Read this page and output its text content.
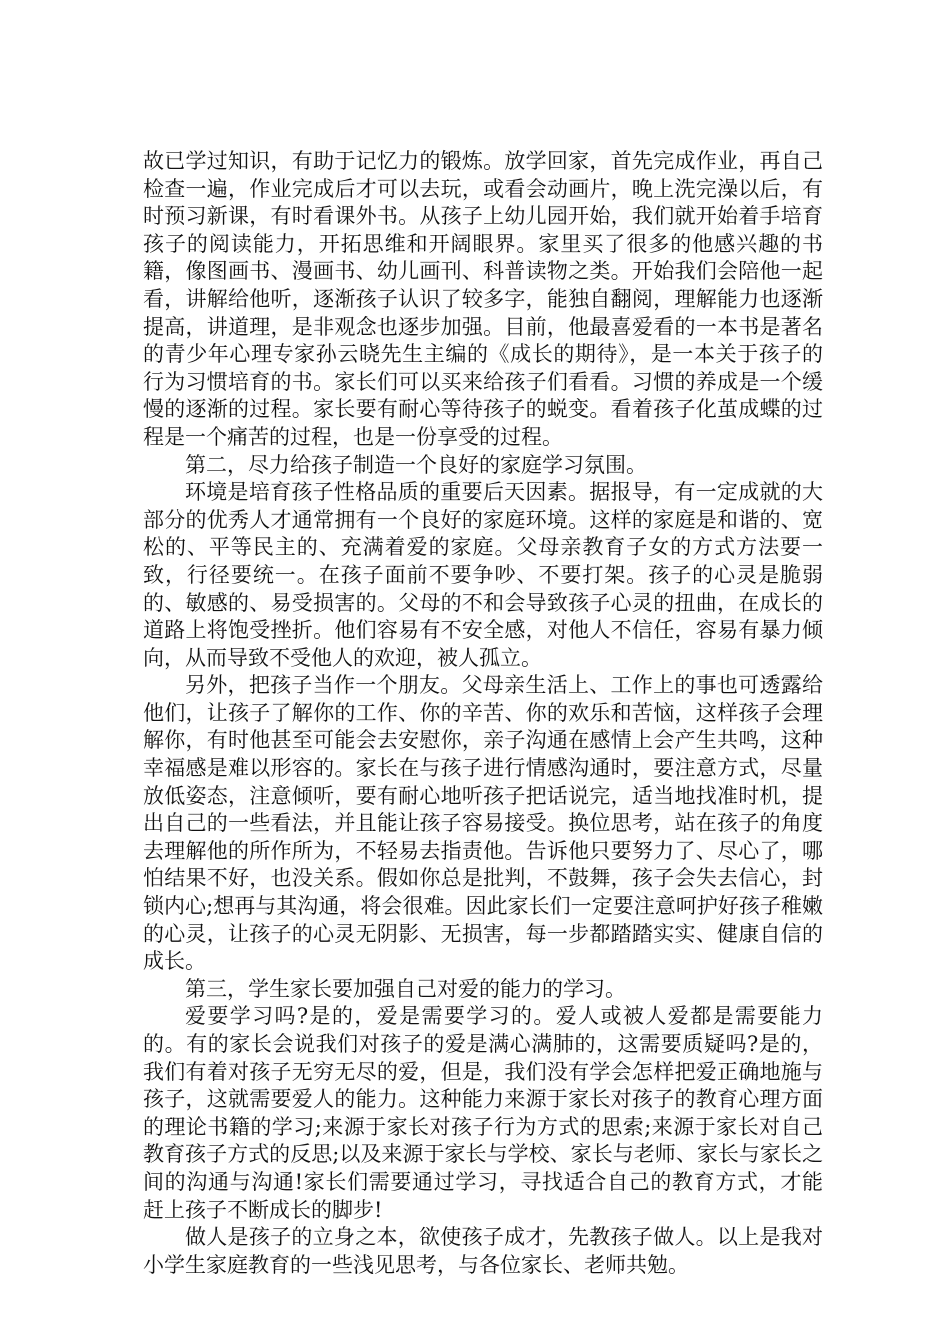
故已学过知识，有助于记忆力的锻炼。放学回家，首先完成作业，再自己检查一遍，作业完成后才可以去玩，或看会动画片，晚上洗完澡以后，有时预习新课，有时看课外书。从孩子上幼儿园开始，我们就开始着手培育孩子的阅读能力，开拓思维和开阔眼界。家里买了很多的他感兴趣的书籍，像图画书、漫画书、幼儿画刊、科普读物之类。开始我们会陪他一起看，讲解给他听，逐渐孩子认识了较多字，能独自翻阅，理解能力也逐渐提高，讲道理，是非观念也逐步加强。目前，他最喜爱看的一本书是著名的青少年心理专家孙云晓先生主编的《成长的期待》，是一本关于孩子的行为习惯培育的书。家长们可以买来给孩子们看看。习惯的养成是一个缓慢的逐渐的过程。家长要有耐心等待孩子的蜕变。看着孩子化茧成蝶的过程是一个痛苦的过程，也是一份享受的过程。

第二，尽力给孩子制造一个良好的家庭学习氛围。

环境是培育孩子性格品质的重要后天因素。据报导，有一定成就的大部分的优秀人才通常拥有一个良好的家庭环境。这样的家庭是和谐的、宽松的、平等民主的、充满着爱的家庭。父母亲教育子女的方式方法要一致，行径要统一。在孩子面前不要争吵、不要打架。孩子的心灵是脆弱的、敏感的、易受损害的。父母的不和会导致孩子心灵的扭曲，在成长的道路上将饱受挫折。他们容易有不安全感，对他人不信任，容易有暴力倾向，从而导致不受他人的欢迎，被人孤立。

另外，把孩子当作一个朋友。父母亲生活上、工作上的事也可透露给他们，让孩子了解你的工作、你的辛苦、你的欢乐和苦恼，这样孩子会理解你，有时他甚至可能会去安慰你，亲子沟通在感情上会产生共鸣，这种幸福感是难以形容的。家长在与孩子进行情感沟通时，要注意方式，尽量放低姿态，注意倾听，要有耐心地听孩子把话说完，适当地找准时机，提出自己的一些看法，并且能让孩子容易接受。换位思考，站在孩子的角度去理解他的所作所为，不轻易去指责他。告诉他只要努力了、尽心了，哪怕结果不好，也没关系。假如你总是批判，不鼓舞，孩子会失去信心，封锁内心;想再与其沟通，将会很难。因此家长们一定要注意呵护好孩子稚嫩的心灵，让孩子的心灵无阴影、无损害，每一步都踏踏实实、健康自信的成长。

第三，学生家长要加强自己对爱的能力的学习。

爱要学习吗?是的，爱是需要学习的。爱人或被人爱都是需要能力的。有的家长会说我们对孩子的爱是满心满肺的，这需要质疑吗?是的，我们有着对孩子无穷无尽的爱，但是，我们没有学会怎样把爱正确地施与孩子，这就需要爱人的能力。这种能力来源于家长对孩子的教育心理方面的理论书籍的学习;来源于家长对孩子行为方式的思索;来源于家长对自己教育孩子方式的反思;以及来源于家长与学校、家长与老师、家长与家长之间的沟通与沟通!家长们需要通过学习，寻找适合自己的教育方式，才能赶上孩子不断成长的脚步!

做人是孩子的立身之本，欲使孩子成才，先教孩子做人。以上是我对小学生家庭教育的一些浅见思考，与各位家长、老师共勉。
